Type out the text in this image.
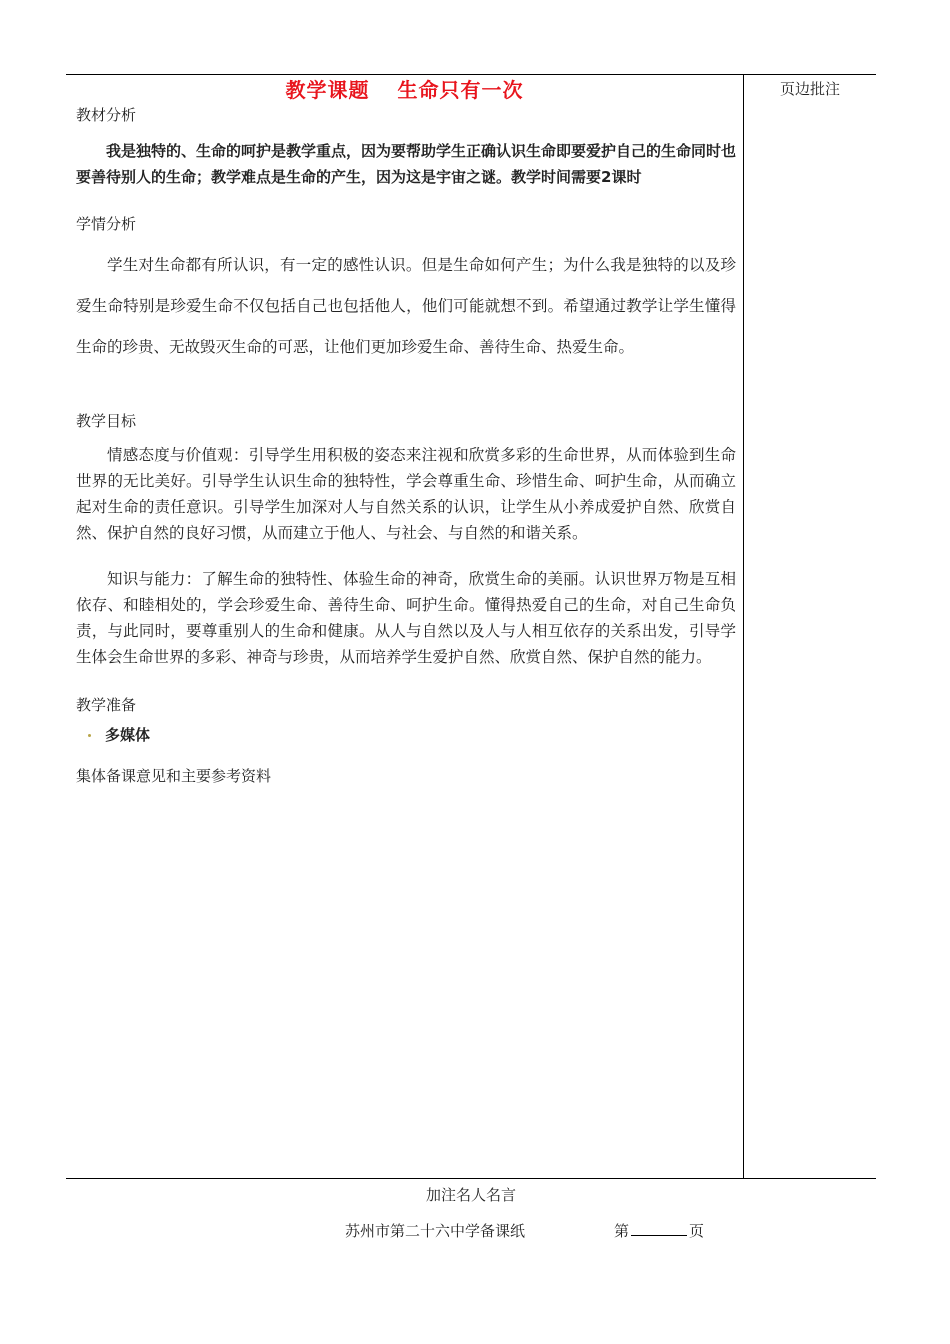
页边批注
教学课题 生命只有一次
教材分析
我是独特的、生命的呵护是教学重点，因为要帮助学生正确认识生命即要爱护自己的生命同时也要善待别人的生命；教学难点是生命的产生，因为这是宇宙之谜。教学时间需要2课时
学情分析
学生对生命都有所认识，有一定的感性认识。但是生命如何产生；为什么我是独特的以及珍爱生命特别是珍爱生命不仅包括自己也包括他人，他们可能就想不到。希望通过教学让学生懂得生命的珍贵、无故毁灭生命的可恶，让他们更加珍爱生命、善待生命、热爱生命。
教学目标
情感态度与价值观：引导学生用积极的姿态来注视和欣赏多彩的生命世界，从而体验到生命世界的无比美好。引导学生认识生命的独特性，学会尊重生命、珍惜生命、呵护生命，从而确立起对生命的责任意识。引导学生加深对人与自然关系的认识，让学生从小养成爱护自然、欣赏自然、保护自然的良好习惯，从而建立于他人、与社会、与自然的和谐关系。
知识与能力：了解生命的独特性、体验生命的神奇，欣赏生命的美丽。认识世界万物是互相依存、和睦相处的，学会珍爱生命、善待生命、呵护生命。懂得热爱自己的生命，对自己生命负责，与此同时，要尊重别人的生命和健康。从人与自然以及人与人相互依存的关系出发，引导学生体会生命世界的多彩、神奇与珍贵，从而培养学生爱护自然、欣赏自然、保护自然的能力。
教学准备
多媒体
集体备课意见和主要参考资料
加注名人名言
苏州市第二十六中学备课纸	第	页
